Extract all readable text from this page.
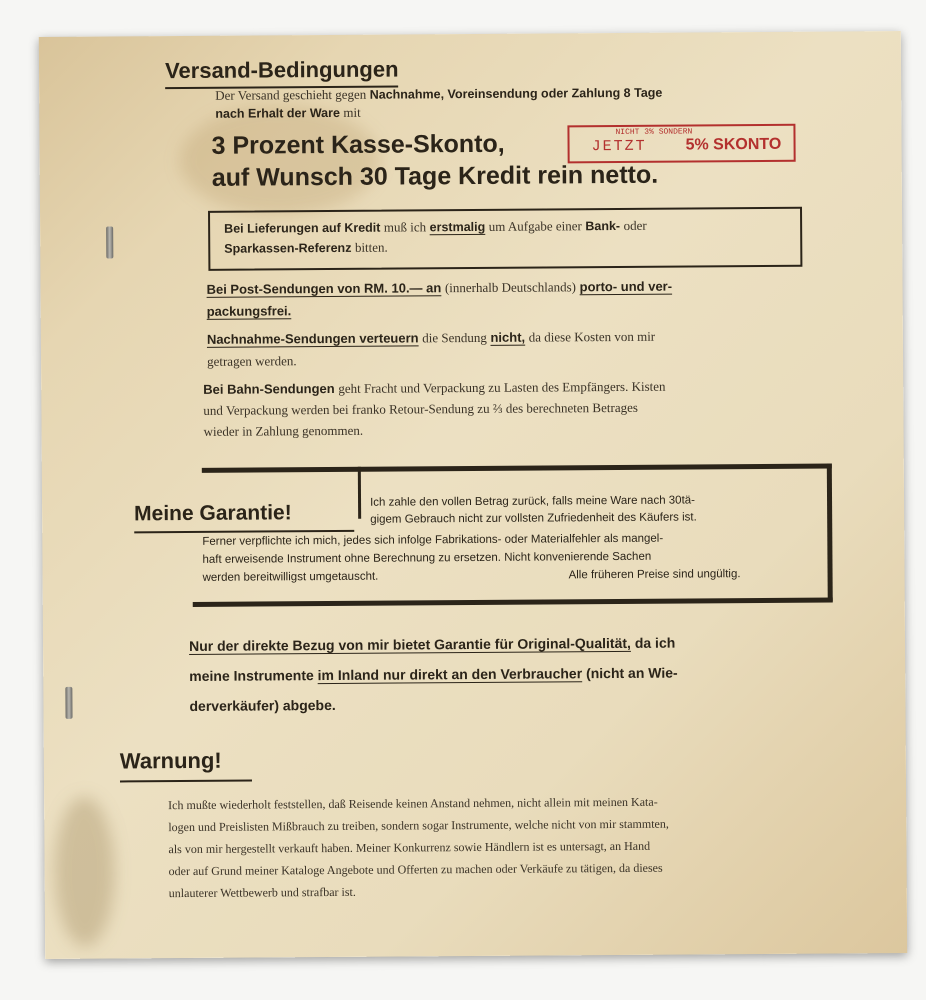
Versand-Bedingungen
Der Versand geschieht gegen Nachnahme, Voreinsendung oder Zahlung 8 Tage
nach Erhalt der Ware mit
3 Prozent Kasse-Skonto,
auf Wunsch 30 Tage Kredit rein netto.
NICHT 3% SONDERN
JETZT 5% SKONTO
Bei Lieferungen auf Kredit muß ich erstmalig um Aufgabe einer Bank- oder
Sparkassen-Referenz bitten.
Bei Post-Sendungen von RM. 10.— an (innerhalb Deutschlands) porto- und ver-
packungsfrei.
Nachnahme-Sendungen verteuern die Sendung nicht, da diese Kosten von mir
getragen werden.
Bei Bahn-Sendungen geht Fracht und Verpackung zu Lasten des Empfängers. Kisten
und Verpackung werden bei franko Retour-Sendung zu ⅔ des berechneten Betrages
wieder in Zahlung genommen.
Meine Garantie!	Ich zahle den vollen Betrag zurück, falls meine Ware nach 30tä-
gigem Gebrauch nicht zur vollsten Zufriedenheit des Käufers ist.
Ferner verpflichte ich mich, jedes sich infolge Fabrikations- oder Materialfehler als mangel-
haft erweisende Instrument ohne Berechnung zu ersetzen. Nicht konvenierende Sachen
werden bereitwilligst umgetauscht.	Alle früheren Preise sind ungültig.
Nur der direkte Bezug von mir bietet Garantie für Original-Qualität, da ich
meine Instrumente im Inland nur direkt an den Verbraucher (nicht an Wie-
derverkäufer) abgebe.
Warnung!
Ich mußte wiederholt feststellen, daß Reisende keinen Anstand nehmen, nicht allein mit meinen Kata-
logen und Preislisten Mißbrauch zu treiben, sondern sogar Instrumente, welche nicht von mir stammten,
als von mir hergestellt verkauft haben. Meiner Konkurrenz sowie Händlern ist es untersagt, an Hand
oder auf Grund meiner Kataloge Angebote und Offerten zu machen oder Verkäufe zu tätigen, da dieses
unlauterer Wettbewerb und strafbar ist.
